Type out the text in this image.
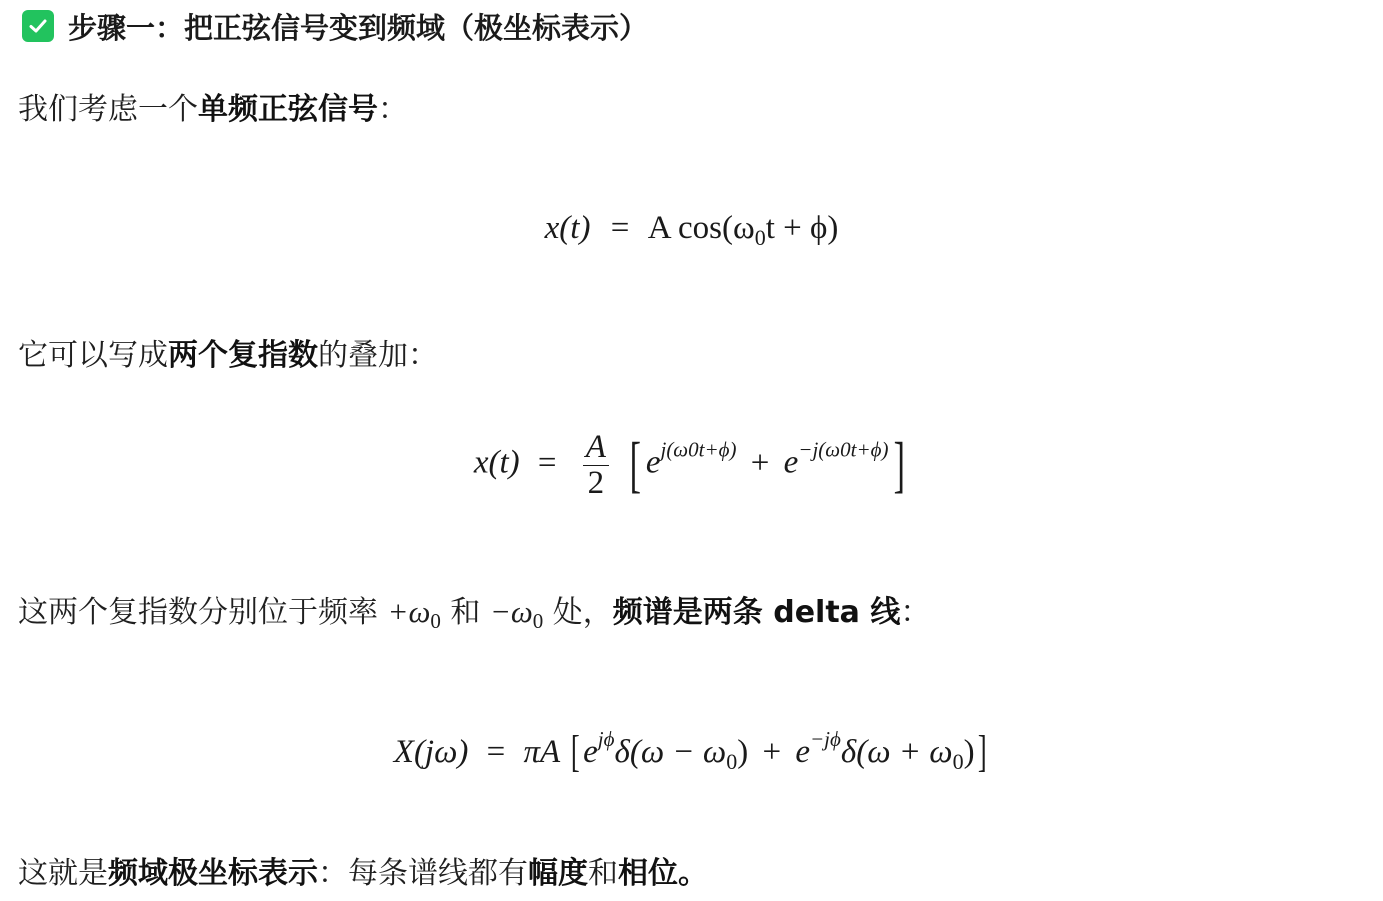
步骤一：把正弦信号变到频域（极坐标表示）
我们考虑一个单频正弦信号：
x(t) = A $\cos(\omega_0t + \phi)$
它可以写成两个复指数的叠加：
$x(t) = \frac{A}{2}$ [ $e^{j(\omega 0t+\phi)} + e^{-j(\omega 0t+\phi)}$]
这两个复指数分别位于频率 $+\omega_0$ 和 $-\omega_0$ 处，频谱是两条 delta 线：
X(jω) = πA $[e^{j\phi}\delta(\omega - \omega_0) + e^{-j\phi}\delta(\omega + \omega_0)]$
这就是频域极坐标表示：每条谱线都有幅度和相位。
